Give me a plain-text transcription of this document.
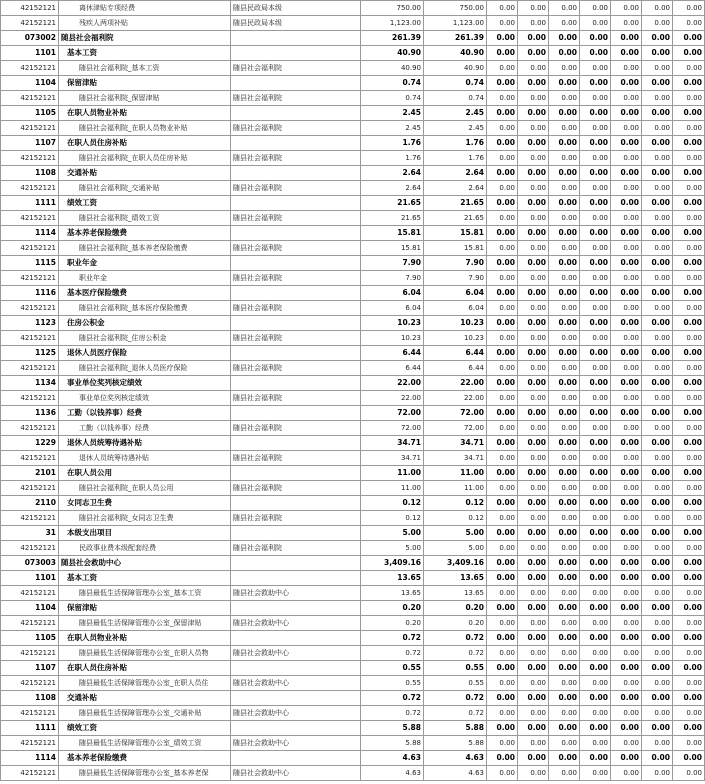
42152121	离休津贴专项经费	随县民政局本级	750.00	750.00	0.00	0.00	0.00	0.00	0.00	0.00	0.00	
42152121	残疾人两项补贴	随县民政局本级	1,123.00	1,123.00	0.00	0.00	0.00	0.00	0.00	0.00	0.00	
073002	随县社会福利院		261.39	261.39	0.00	0.00	0.00	0.00	0.00	0.00	0.00	
1101	基本工资		40.90	40.90	0.00	0.00	0.00	0.00	0.00	0.00	0.00	
42152121	随县社会福利院_基本工资	随县社会福利院	40.90	40.90	0.00	0.00	0.00	0.00	0.00	0.00	0.00	
1104	保留津贴		0.74	0.74	0.00	0.00	0.00	0.00	0.00	0.00	0.00	
42152121	随县社会福利院_保留津贴	随县社会福利院	0.74	0.74	0.00	0.00	0.00	0.00	0.00	0.00	0.00	
1105	在职人员物业补贴		2.45	2.45	0.00	0.00	0.00	0.00	0.00	0.00	0.00	
42152121	随县社会福利院_在职人员物业补贴	随县社会福利院	2.45	2.45	0.00	0.00	0.00	0.00	0.00	0.00	0.00	
1107	在职人员住房补贴		1.76	1.76	0.00	0.00	0.00	0.00	0.00	0.00	0.00	
42152121	随县社会福利院_在职人员住房补贴	随县社会福利院	1.76	1.76	0.00	0.00	0.00	0.00	0.00	0.00	0.00	
1108	交通补贴		2.64	2.64	0.00	0.00	0.00	0.00	0.00	0.00	0.00	
42152121	随县社会福利院_交通补贴	随县社会福利院	2.64	2.64	0.00	0.00	0.00	0.00	0.00	0.00	0.00	
1111	绩效工资		21.65	21.65	0.00	0.00	0.00	0.00	0.00	0.00	0.00	
42152121	随县社会福利院_绩效工资	随县社会福利院	21.65	21.65	0.00	0.00	0.00	0.00	0.00	0.00	0.00	
1114	基本养老保险缴费		15.81	15.81	0.00	0.00	0.00	0.00	0.00	0.00	0.00	
42152121	随县社会福利院_基本养老保险缴费	随县社会福利院	15.81	15.81	0.00	0.00	0.00	0.00	0.00	0.00	0.00	
1115	职业年金		7.90	7.90	0.00	0.00	0.00	0.00	0.00	0.00	0.00	
42152121	职业年金	随县社会福利院	7.90	7.90	0.00	0.00	0.00	0.00	0.00	0.00	0.00	
1116	基本医疗保险缴费		6.04	6.04	0.00	0.00	0.00	0.00	0.00	0.00	0.00	
42152121	随县社会福利院_基本医疗保险缴费	随县社会福利院	6.04	6.04	0.00	0.00	0.00	0.00	0.00	0.00	0.00	
1123	住房公积金		10.23	10.23	0.00	0.00	0.00	0.00	0.00	0.00	0.00	
42152121	随县社会福利院_住房公积金	随县社会福利院	10.23	10.23	0.00	0.00	0.00	0.00	0.00	0.00	0.00	
1125	退休人员医疗保险		6.44	6.44	0.00	0.00	0.00	0.00	0.00	0.00	0.00	
42152121	随县社会福利院_退休人员医疗保险	随县社会福利院	6.44	6.44	0.00	0.00	0.00	0.00	0.00	0.00	0.00	
1134	事业单位奖列核定绩效		22.00	22.00	0.00	0.00	0.00	0.00	0.00	0.00	0.00	
42152121	事业单位奖列核定绩效	随县社会福利院	22.00	22.00	0.00	0.00	0.00	0.00	0.00	0.00	0.00	
1136	工勤（以钱养事）经费		72.00	72.00	0.00	0.00	0.00	0.00	0.00	0.00	0.00	
42152121	工勤（以钱养事）经费	随县社会福利院	72.00	72.00	0.00	0.00	0.00	0.00	0.00	0.00	0.00	
1229	退休人员统筹待遇补贴		34.71	34.71	0.00	0.00	0.00	0.00	0.00	0.00	0.00	
42152121	退休人员统筹待遇补贴	随县社会福利院	34.71	34.71	0.00	0.00	0.00	0.00	0.00	0.00	0.00	
2101	在职人员公用		11.00	11.00	0.00	0.00	0.00	0.00	0.00	0.00	0.00	
42152121	随县社会福利院_在职人员公用	随县社会福利院	11.00	11.00	0.00	0.00	0.00	0.00	0.00	0.00	0.00	
2110	女同志卫生费		0.12	0.12	0.00	0.00	0.00	0.00	0.00	0.00	0.00	
42152121	随县社会福利院_女同志卫生费	随县社会福利院	0.12	0.12	0.00	0.00	0.00	0.00	0.00	0.00	0.00	
31	本级支出项目		5.00	5.00	0.00	0.00	0.00	0.00	0.00	0.00	0.00	
42152121	民政事业费本级配套经费	随县社会福利院	5.00	5.00	0.00	0.00	0.00	0.00	0.00	0.00	0.00	
073003	随县社会救助中心		3,409.16	3,409.16	0.00	0.00	0.00	0.00	0.00	0.00	0.00	
1101	基本工资		13.65	13.65	0.00	0.00	0.00	0.00	0.00	0.00	0.00	
42152121	随县最低生活保障管理办公室_基本工资	随县社会救助中心	13.65	13.65	0.00	0.00	0.00	0.00	0.00	0.00	0.00	
1104	保留津贴		0.20	0.20	0.00	0.00	0.00	0.00	0.00	0.00	0.00	
42152121	随县最低生活保障管理办公室_保留津贴	随县社会救助中心	0.20	0.20	0.00	0.00	0.00	0.00	0.00	0.00	0.00	
1105	在职人员物业补贴		0.72	0.72	0.00	0.00	0.00	0.00	0.00	0.00	0.00	
42152121	随县最低生活保障管理办公室_在职人员物	随县社会救助中心	0.72	0.72	0.00	0.00	0.00	0.00	0.00	0.00	0.00	
1107	在职人员住房补贴		0.55	0.55	0.00	0.00	0.00	0.00	0.00	0.00	0.00	
42152121	随县最低生活保障管理办公室_在职人员住	随县社会救助中心	0.55	0.55	0.00	0.00	0.00	0.00	0.00	0.00	0.00	
1108	交通补贴		0.72	0.72	0.00	0.00	0.00	0.00	0.00	0.00	0.00	
42152121	随县最低生活保障管理办公室_交通补贴	随县社会救助中心	0.72	0.72	0.00	0.00	0.00	0.00	0.00	0.00	0.00	
1111	绩效工资		5.88	5.88	0.00	0.00	0.00	0.00	0.00	0.00	0.00	
42152121	随县最低生活保障管理办公室_绩效工资	随县社会救助中心	5.88	5.88	0.00	0.00	0.00	0.00	0.00	0.00	0.00	
1114	基本养老保险缴费		4.63	4.63	0.00	0.00	0.00	0.00	0.00	0.00	0.00	
42152121	随县最低生活保障管理办公室_基本养老保	随县社会救助中心	4.63	4.63	0.00	0.00	0.00	0.00	0.00	0.00	0.00	
